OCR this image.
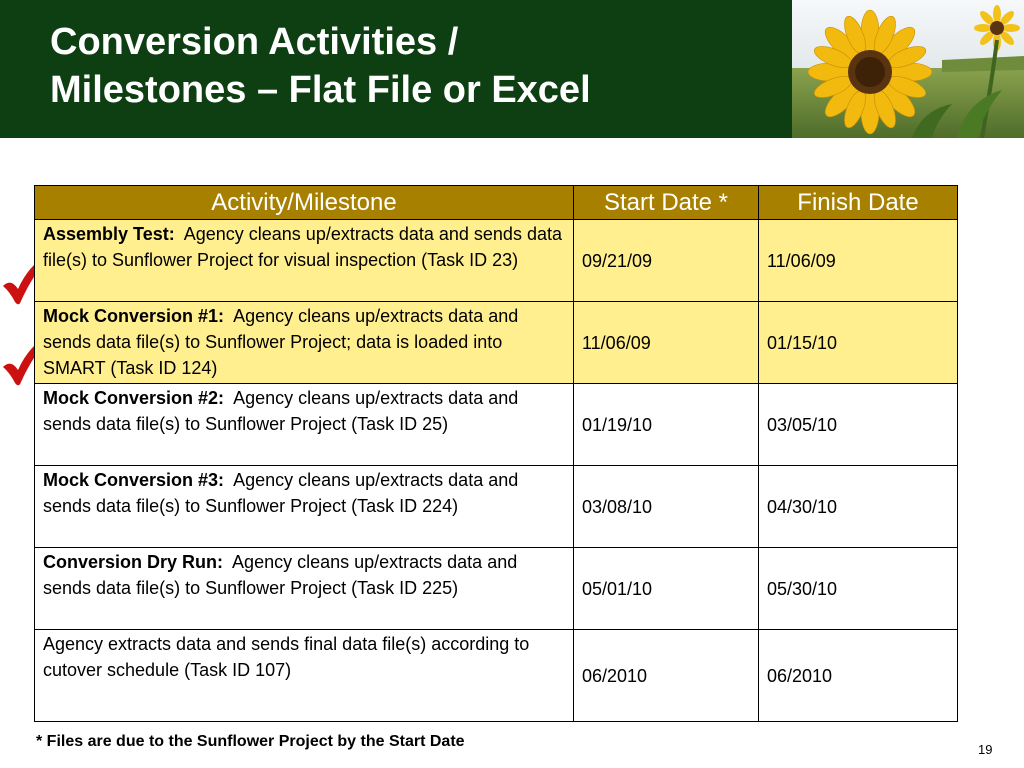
Conversion Activities /
Milestones – Flat File or Excel
Activity/Milestone	Start Date *	Finish Date
Assembly Test: Agency cleans up/extracts data and sends data file(s) to Sunflower Project for visual inspection (Task ID 23)	09/21/09	11/06/09
Mock Conversion #1: Agency cleans up/extracts data and sends data file(s) to Sunflower Project; data is loaded into SMART (Task ID 124)	11/06/09	01/15/10
Mock Conversion #2: Agency cleans up/extracts data and sends data file(s) to Sunflower Project (Task ID 25)	01/19/10	03/05/10
Mock Conversion #3: Agency cleans up/extracts data and sends data file(s) to Sunflower Project (Task ID 224)	03/08/10	04/30/10
Conversion Dry Run: Agency cleans up/extracts data and sends data file(s) to Sunflower Project (Task ID 225)	05/01/10	05/30/10
Agency extracts data and sends final data file(s) according to cutover schedule (Task ID 107)	06/2010	06/2010
* Files are due to the Sunflower Project by the Start Date	19
